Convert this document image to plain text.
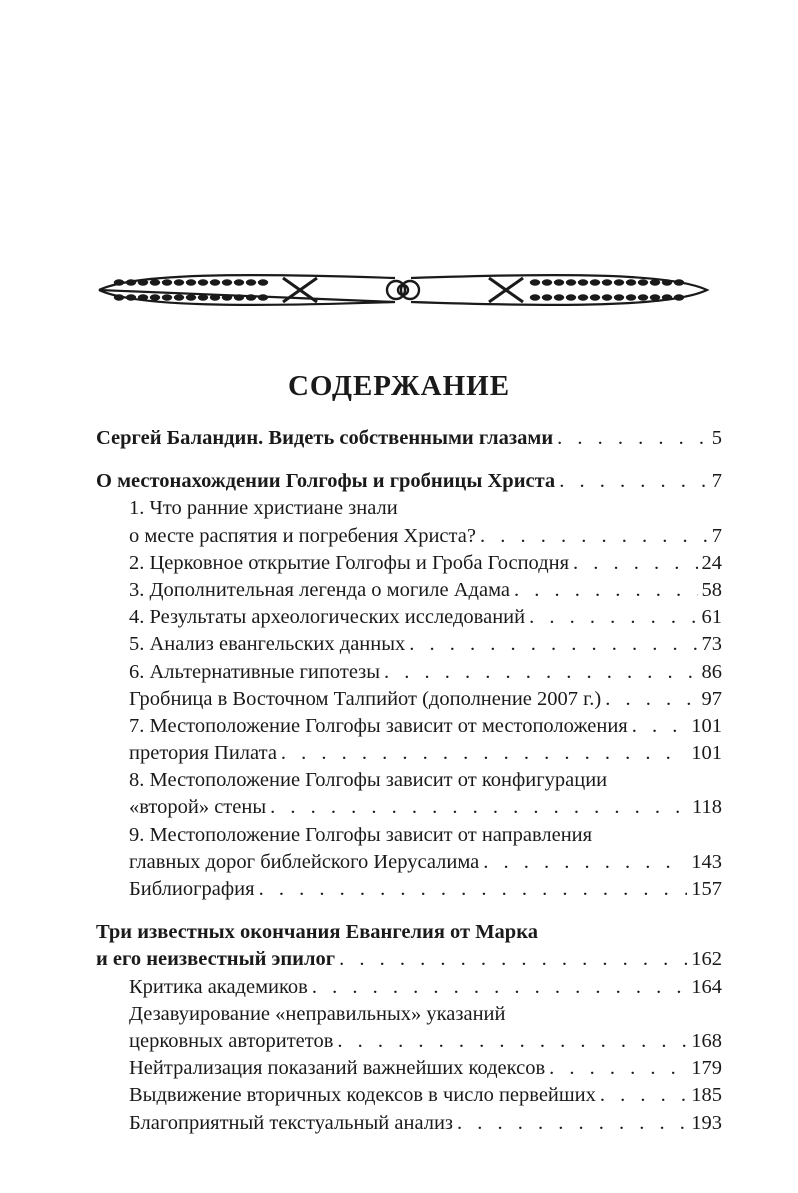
СОДЕРЖАНИЕ
Сергей Баландин. Видеть собственными глазами . . .	5
О местонахождении Голгофы и гробницы Христа . . .	7
1. Что ранние христиане знали
о месте распятия и погребения Христа? . . .	7
2. Церковное открытие Голгофы и Гроба Господня . . .	24
3. Дополнительная легенда о могиле Адама . . .	58
4. Результаты археологических исследований . . .	61
5. Анализ евангельских данных . . .	73
6. Альтернативные гипотезы . . .	86
Гробница в Восточном Талпийот (дополнение 2007 г.) . . .	97
7. Местоположение Голгофы зависит от местоположения . . .	101
претория Пилата . . .	101
8. Местоположение Голгофы зависит от конфигурации
«второй» стены . . .	118
9. Местоположение Голгофы зависит от направления
главных дорог библейского Иерусалима . . .	143
Библиография . . .	157
Три известных окончания Евангелия от Марка
и его неизвестный эпилог . . .	162
Критика академиков . . .	164
Дезавуирование «неправильных» указаний
церковных авторитетов . . .	168
Нейтрализация показаний важнейших кодексов . . .	179
Выдвижение вторичных кодексов в число первейших . . .	185
Благоприятный текстуальный анализ . . .	193
